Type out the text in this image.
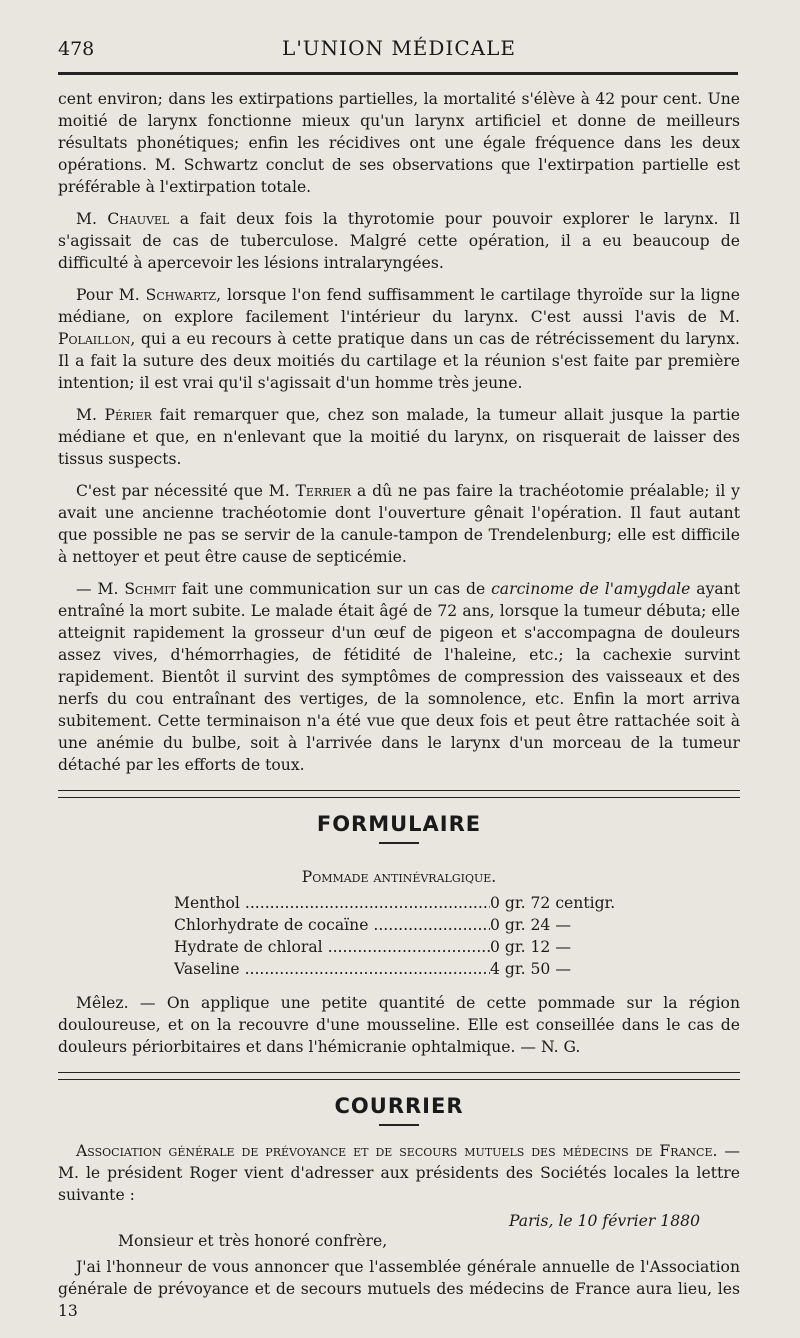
478	L'UNION MÉDICALE

cent environ; dans les extirpations partielles, la mortalité s'élève à 42 pour cent. Une moitié de larynx fonctionne mieux qu'un larynx artificiel et donne de meilleurs résultats phonétiques; enfin les récidives ont une égale fréquence dans les deux opérations. M. Schwartz conclut de ses observations que l'extirpation partielle est préférable à l'extirpation totale.

M. Chauvel a fait deux fois la thyrotomie pour pouvoir explorer le larynx. Il s'agissait de cas de tuberculose. Malgré cette opération, il a eu beaucoup de difficulté à apercevoir les lésions intralaryngées.

Pour M. Schwartz, lorsque l'on fend suffisamment le cartilage thyroïde sur la ligne médiane, on explore facilement l'intérieur du larynx. C'est aussi l'avis de M. Polaillon, qui a eu recours à cette pratique dans un cas de rétrécissement du larynx. Il a fait la suture des deux moitiés du cartilage et la réunion s'est faite par première intention; il est vrai qu'il s'agissait d'un homme très jeune.

M. Périer fait remarquer que, chez son malade, la tumeur allait jusque la partie médiane et que, en n'enlevant que la moitié du larynx, on risquerait de laisser des tissus suspects.

C'est par nécessité que M. Terrier a dû ne pas faire la trachéotomie préalable; il y avait une ancienne trachéotomie dont l'ouverture gênait l'opération. Il faut autant que possible ne pas se servir de la canule-tampon de Trendelenburg; elle est difficile à nettoyer et peut être cause de septicémie.

— M. Schmit fait une communication sur un cas de carcinome de l'amygdale ayant entraîné la mort subite. Le malade était âgé de 72 ans, lorsque la tumeur débuta; elle atteignit rapidement la grosseur d'un œuf de pigeon et s'accompagna de douleurs assez vives, d'hémorrhagies, de fétidité de l'haleine, etc.; la cachexie survint rapidement. Bientôt il survint des symptômes de compression des vaisseaux et des nerfs du cou entraînant des vertiges, de la somnolence, etc. Enfin la mort arriva subitement. Cette terminaison n'a été vue que deux fois et peut être rattachée soit à une anémie du bulbe, soit à l'arrivée dans le larynx d'un morceau de la tumeur détaché par les efforts de toux.

FORMULAIRE
Pommade antinévralgique.
Menthol .....	0 gr. 72 centigr.
Chlorhydrate de cocaïne .....	0 gr. 24 —
Hydrate de chloral .....	0 gr. 12 —
Vaseline .....	4 gr. 50 —

Mêlez. — On applique une petite quantité de cette pommade sur la région douloureuse, et on la recouvre d'une mousseline. Elle est conseillée dans le cas de douleurs périorbitaires et dans l'hémicranie ophtalmique. — N. G.

COURRIER

Association générale de prévoyance et de secours mutuels des médecins de France. — M. le président Roger vient d'adresser aux présidents des Sociétés locales la lettre suivante :

Paris, le 10 février 1880
Monsieur et très honoré confrère,

J'ai l'honneur de vous annoncer que l'assemblée générale annuelle de l'Association générale de prévoyance et de secours mutuels des médecins de France aura lieu, les 13
